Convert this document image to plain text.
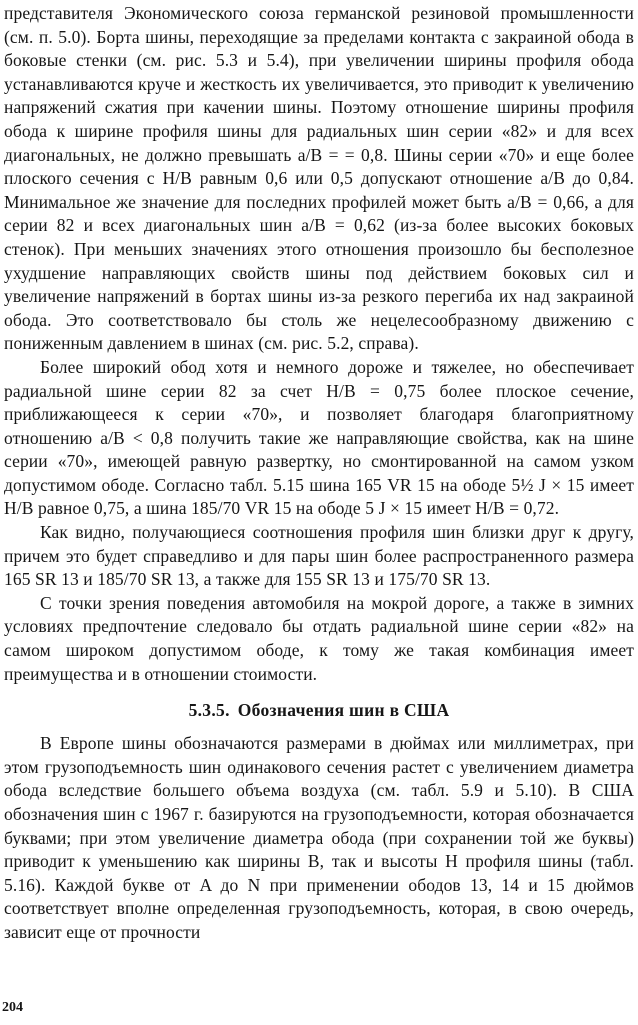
представителя Экономического союза германской резиновой промышленности (см. п. 5.0). Борта шины, переходящие за пределами контакта с закраиной обода в боковые стенки (см. рис. 5.3 и 5.4), при увеличении ширины профиля обода устанавливаются круче и жесткость их увеличивается, это приводит к увеличению напряжений сжатия при качении шины. Поэтому отношение ширины профиля обода к ширине профиля шины для радиальных шин серии «82» и для всех диагональных, не должно превышать a/B = = 0,8. Шины серии «70» и еще более плоского сечения с H/B равным 0,6 или 0,5 допускают отношение a/B до 0,84. Минимальное же значение для последних профилей может быть a/B = 0,66, а для серии 82 и всех диагональных шин a/B = 0,62 (из-за более высоких боковых стенок). При меньших значениях этого отношения произошло бы бесполезное ухудшение направляющих свойств шины под действием боковых сил и увеличение напряжений в бортах шины из-за резкого перегиба их над закраиной обода. Это соответствовало бы столь же нецелесообразному движению с пониженным давлением в шинах (см. рис. 5.2, справа).

Более широкий обод хотя и немного дороже и тяжелее, но обеспечивает радиальной шине серии 82 за счет H/B = 0,75 более плоское сечение, приближающееся к серии «70», и позволяет благодаря благоприятному отношению a/B < 0,8 получить такие же направляющие свойства, как на шине серии «70», имеющей равную развертку, но смонтированной на самом узком допустимом ободе. Согласно табл. 5.15 шина 165 VR 15 на ободе 5½ J × 15 имеет H/B равное 0,75, а шина 185/70 VR 15 на ободе 5 J × 15 имеет H/B = 0,72.

Как видно, получающиеся соотношения профиля шин близки друг к другу, причем это будет справедливо и для пары шин более распространенного размера 165 SR 13 и 185/70 SR 13, а также для 155 SR 13 и 175/70 SR 13.

С точки зрения поведения автомобиля на мокрой дороге, а также в зимних условиях предпочтение следовало бы отдать радиальной шине серии «82» на самом широком допустимом ободе, к тому же такая комбинация имеет преимущества и в отношении стоимости.

5.3.5. Обозначения шин в США

В Европе шины обозначаются размерами в дюймах или миллиметрах, при этом грузоподъемность шин одинакового сечения растет с увеличением диаметра обода вследствие большего объема воздуха (см. табл. 5.9 и 5.10). В США обозначения шин с 1967 г. базируются на грузоподъемности, которая обозначается буквами; при этом увеличение диаметра обода (при сохранении той же буквы) приводит к уменьшению как ширины B, так и высоты H профиля шины (табл. 5.16). Каждой букве от A до N при применении ободов 13, 14 и 15 дюймов соответствует вполне определенная грузоподъемность, которая, в свою очередь, зависит еще от прочности

204
